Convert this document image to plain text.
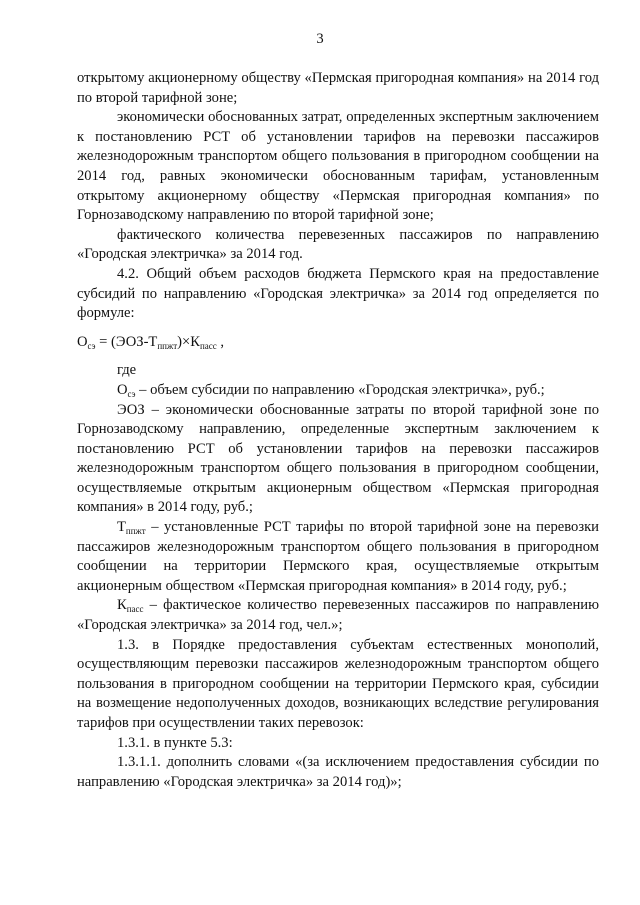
3

открытому акционерному обществу «Пермская пригородная компания» на 2014 год по второй тарифной зоне;

экономически обоснованных затрат, определенных экспертным заключением к постановлению РСТ об установлении тарифов на перевозки пассажиров железнодорожным транспортом общего пользования в пригородном сообщении на 2014 год, равных экономически обоснованным тарифам, установленным открытому акционерному обществу «Пермская пригородная компания» по Горнозаводскому направлению по второй тарифной зоне;

фактического количества перевезенных пассажиров по направлению «Городская электричка» за 2014 год.

4.2. Общий объем расходов бюджета Пермского края на предоставление субсидий по направлению «Городская электричка» за 2014 год определяется по формуле:

$О_{сэ} = (ЭОЗ-Т_{ппжт})\times К_{пасс}$ ,

где

$О_{сэ}$ – объем субсидии по направлению «Городская электричка», руб.;

ЭОЗ – экономически обоснованные затраты по второй тарифной зоне по Горнозаводскому направлению, определенные экспертным заключением к постановлению РСТ об установлении тарифов на перевозки пассажиров железнодорожным транспортом общего пользования в пригородном сообщении, осуществляемые открытым акционерным обществом «Пермская пригородная компания» в 2014 году, руб.;

$Т_{ппжт}$ – установленные РСТ тарифы по второй тарифной зоне на перевозки пассажиров железнодорожным транспортом общего пользования в пригородном сообщении на территории Пермского края, осуществляемые открытым акционерным обществом «Пермская пригородная компания» в 2014 году, руб.;

$К_{пасс}$ – фактическое количество перевезенных пассажиров по направлению «Городская электричка» за 2014 год, чел.»;

1.3. в Порядке предоставления субъектам естественных монополий, осуществляющим перевозки пассажиров железнодорожным транспортом общего пользования в пригородном сообщении на территории Пермского края, субсидии на возмещение недополученных доходов, возникающих вследствие регулирования тарифов при осуществлении таких перевозок:

1.3.1. в пункте 5.3:

1.3.1.1. дополнить словами «(за исключением предоставления субсидии по направлению «Городская электричка» за 2014 год)»;
